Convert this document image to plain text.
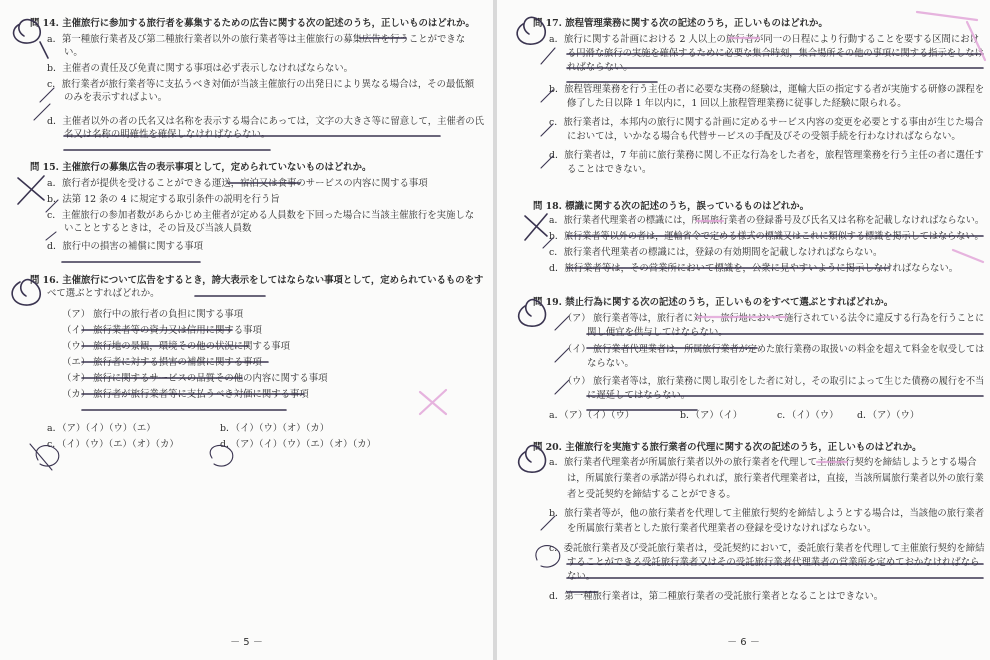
問 14. 主催旅行に参加する旅行者を募集するための広告に関する次の記述のうち，正しいものはどれか。
a．第一種旅行業者及び第二種旅行業者以外の旅行業者等は主催旅行の募集広告を行うことができな
い。
b．主催者の責任及び免責に関する事項は必ず表示しなければならない。
c．旅行業者が旅行業者等に支払うべき対価が当該主催旅行の出発日により異なる場合は，その最低額
のみを表示すればよい。
d．主催者以外の者の氏名又は名称を表示する場合にあっては，文字の大きさ等に留意して，主催者の氏
名又は名称の明確性を確保しなければならない。
問 15. 主催旅行の募集広告の表示事項として，定められていないものはどれか。
a．旅行者が提供を受けることができる運送，宿泊又は食事のサービスの内容に関する事項
b．法第 12 条の 4 に規定する取引条件の説明を行う旨
c．主催旅行の参加者数があらかじめ主催者が定める人員数を下回った場合に当該主催旅行を実施しな
いこととするときは，その旨及び当該人員数
d．旅行中の損害の補償に関する事項
問 16. 主催旅行について広告をするとき，誇大表示をしてはならない事項として，定められているものをす
べて選ぶとすればどれか。
（ア） 旅行中の旅行者の負担に関する事項
（イ） 旅行業者等の資力又は信用に関する事項
（ウ） 旅行地の景観，環境その他の状況に関する事項
（エ） 旅行者に対する損害の補償に関する事項
（オ） 旅行に関するサービスの品質その他の内容に関する事項
（カ） 旅行者が旅行業者等に支払うべき対価に関する事項
a．（ア）（イ）（ウ）（エ）	b．（イ）（ウ）（オ）（カ）
c．（イ）（ウ）（エ）（オ）（カ）	d．（ア）（イ）（ウ）（エ）（オ）（カ）
－ 5 －
問 17. 旅程管理業務に関する次の記述のうち，正しいものはどれか。
a．旅行に関する計画における 2 人以上の旅行者が同一の日程により行動することを要する区間におけ
る円滑な旅行の実施を確保するために必要な集合時刻，集合場所その他の事項に関する指示をしなけ
ればならない。
b．旅程管理業務を行う主任の者に必要な実務の経験は，運輸大臣の指定する者が実施する研修の課程を
修了した日以降 1 年以内に，1 回以上旅程管理業務に従事した経験に限られる。
c．旅行業者は，本邦内の旅行に関する計画に定めるサービス内容の変更を必要とする事由が生じた場合
においては，いかなる場合も代替サービスの手配及びその受領手続を行わなければならない。
d．旅行業者は，7 年前に旅行業務に関し不正な行為をした者を，旅程管理業務を行う主任の者に選任す
ることはできない。
問 18. 標識に関する次の記述のうち，誤っているものはどれか。
a．旅行業者代理業者の標識には，所属旅行業者の登録番号及び氏名又は名称を記載しなければならない。
b．旅行業者等以外の者は，運輸省令で定める様式の標識又はこれに類似する標識を掲示してはならない。
c．旅行業者代理業者の標識には，登録の有効期間を記載しなければならない。
d．旅行業者等は，その営業所において標識を，公衆に見やすいように掲示しなければならない。
問 19. 禁止行為に関する次の記述のうち，正しいものをすべて選ぶとすればどれか。
（ア） 旅行業者等は，旅行者に対し，旅行地において施行されている法令に違反する行為を行うことに
関し便宜を供与してはならない。
（イ） 旅行業者代理業者は，所属旅行業者が定めた旅行業務の取扱いの料金を超えて料金を収受しては
ならない。
（ウ） 旅行業者等は，旅行業務に関し取引をした者に対し，その取引によって生じた債務の履行を不当
に遅延してはならない。
a．（ア）（イ）（ウ）	b．（ア）（イ）	c．（イ）（ウ） d．（ア）（ウ）
問 20. 主催旅行を実施する旅行業者の代理に関する次の記述のうち，正しいものはどれか。
a．旅行業者代理業者が所属旅行業者以外の旅行業者を代理して主催旅行契約を締結しようとする場合
は，所属旅行業者の承諾が得られれば，旅行業者代理業者は，直接，当該所属旅行業者以外の旅行業
者と受託契約を締結することができる。
b．旅行業者等が，他の旅行業者を代理して主催旅行契約を締結しようとする場合は，当該他の旅行業者
を所属旅行業者とした旅行業者代理業者の登録を受けなければならない。
c．委託旅行業者及び受託旅行業者は，受託契約において，委託旅行業者を代理して主催旅行契約を締結
することができる受託旅行業者又はその受託旅行業者代理業者の営業所を定めておかなければなら
ない。
d．第一種旅行業者は，第二種旅行業者の受託旅行業者となることはできない。
－ 6 －
